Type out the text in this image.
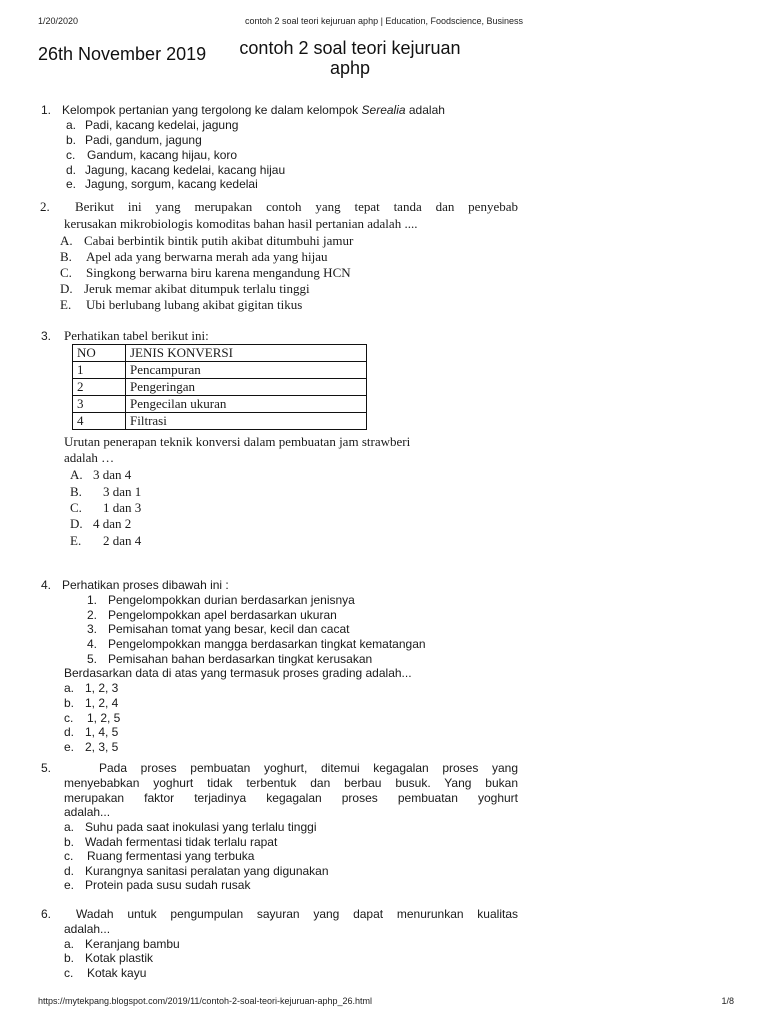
1/20/2020	contoh 2 soal teori kejuruan aphp | Education, Foodscience, Business
26th November 2019	contoh 2 soal teori kejuruan
aphp
1. Kelompok pertanian yang tergolong ke dalam kelompok Serealia adalah
a. Padi, kacang kedelai, jagung
b. Padi, gandum, jagung
c. Gandum, kacang hijau, koro
d. Jagung, kacang kedelai, kacang hijau
e. Jagung, sorgum, kacang kedelai
2. Berikut ini yang merupakan contoh yang tepat tanda dan penyebab
kerusakan mikrobiologis komoditas bahan hasil pertanian adalah ....
A. Cabai berbintik bintik putih akibat ditumbuhi jamur
B. Apel ada yang berwarna merah ada yang hijau
C. Singkong berwarna biru karena mengandung HCN
D. Jeruk memar akibat ditumpuk terlalu tinggi
E. Ubi berlubang lubang akibat gigitan tikus
3. Perhatikan tabel berikut ini:
NO	JENIS KONVERSI
1	Pencampuran
2	Pengeringan
3	Pengecilan ukuran
4	Filtrasi
Urutan penerapan teknik konversi dalam pembuatan jam strawberi
adalah …
A. 3 dan 4
B. 3 dan 1
C. 1 dan 3
D. 4 dan 2
E. 2 dan 4
4. Perhatikan proses dibawah ini :
1. Pengelompokkan durian berdasarkan jenisnya
2. Pengelompokkan apel berdasarkan ukuran
3. Pemisahan tomat yang besar, kecil dan cacat
4. Pengelompokkan mangga berdasarkan tingkat kematangan
5. Pemisahan bahan berdasarkan tingkat kerusakan
Berdasarkan data di atas yang termasuk proses grading adalah...
a. 1, 2, 3
b. 1, 2, 4
c. 1, 2, 5
d. 1, 4, 5
e. 2, 3, 5
5.	Pada proses pembuatan yoghurt, ditemui kegagalan proses yang
menyebabkan yoghurt tidak terbentuk dan berbau busuk. Yang bukan
merupakan faktor terjadinya kegagalan proses pembuatan yoghurt
adalah...
a. Suhu pada saat inokulasi yang terlalu tinggi
b. Wadah fermentasi tidak terlalu rapat
c. Ruang fermentasi yang terbuka
d. Kurangnya sanitasi peralatan yang digunakan
e. Protein pada susu sudah rusak
6. Wadah untuk pengumpulan sayuran yang dapat menurunkan kualitas
adalah...
a. Keranjang bambu
b. Kotak plastik
c. Kotak kayu
https://mytekpang.blogspot.com/2019/11/contoh-2-soal-teori-kejuruan-aphp_26.html	1/8
